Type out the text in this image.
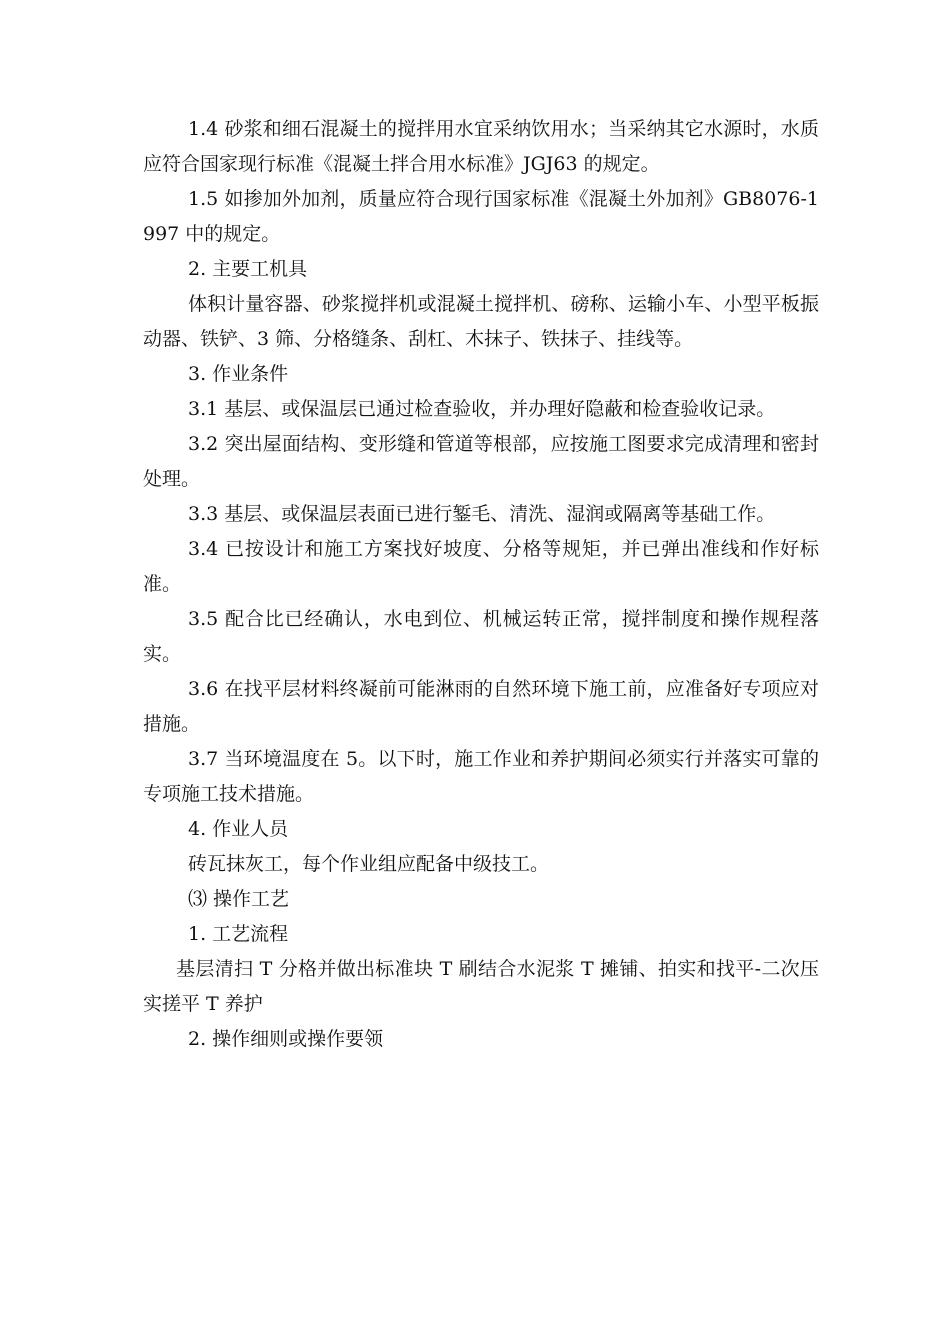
1.4 砂浆和细石混凝土的搅拌用水宜采纳饮用水；当采纳其它水源时，水质应符合国家现行标准《混凝土拌合用水标准》JGJ63 的规定。

1.5 如掺加外加剂，质量应符合现行国家标准《混凝土外加剂》GB8076-1997 中的规定。

2. 主要工机具

体积计量容器、砂浆搅拌机或混凝土搅拌机、磅称、运输小车、小型平板振动器、铁铲、3 筛、分格缝条、刮杠、木抹子、铁抹子、挂线等。

3. 作业条件

3.1 基层、或保温层已通过检查验收，并办理好隐蔽和检查验收记录。

3.2 突出屋面结构、变形缝和管道等根部，应按施工图要求完成清理和密封处理。

3.3 基层、或保温层表面已进行錾毛、清洗、湿润或隔离等基础工作。

3.4 已按设计和施工方案找好坡度、分格等规矩，并已弹出准线和作好标准。

3.5 配合比已经确认，水电到位、机械运转正常，搅拌制度和操作规程落实。

3.6 在找平层材料终凝前可能淋雨的自然环境下施工前，应准备好专项应对措施。

3.7 当环境温度在 5。以下时，施工作业和养护期间必须实行并落实可靠的专项施工技术措施。

4. 作业人员

砖瓦抹灰工，每个作业组应配备中级技工。

⑶ 操作工艺

1. 工艺流程

基层清扫 T 分格并做出标准块 T 刷结合水泥浆 T 摊铺、拍实和找平-二次压实搓平 T 养护

2. 操作细则或操作要领
